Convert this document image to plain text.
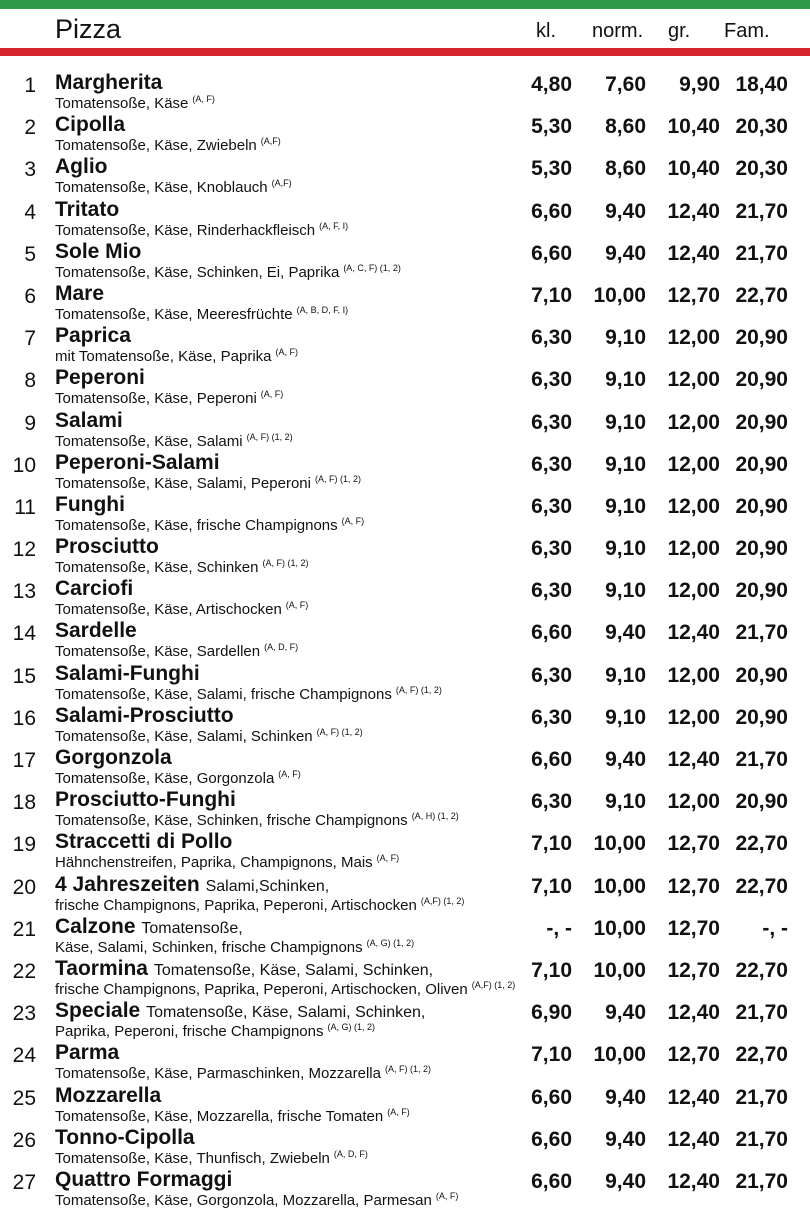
Pizza	kl. norm. gr. Fam.
1 Margherita
Tomatensoße, Käse $^{(A, F)}$
4,80	7,60	9,90 18,40
2 Cipolla
Tomatensoße, Käse, Zwiebeln $^{(A,F)}$
5,30	8,60	10,40 20,30
3 Aglio
Tomatensoße, Käse, Knoblauch $^{(A,F)}$
5,30	8,60	10,40 20,30
4 Tritato
Tomatensoße, Käse, Rinderhackfleisch $^{(A, F, I)}$
6,60	9,40	12,40 21,70
5 Sole Mio
Tomatensoße, Käse, Schinken, Ei, Paprika $^{(A, C, F) (1, 2)}$
6,60	9,40	12,40 21,70
6 Mare
Tomatensoße, Käse, Meeresfrüchte $^{(A, B, D, F, I)}$
7,10	10,00	12,70 22,70
7 Paprica
mit Tomatensoße, Käse, Paprika $^{(A, F)}$
6,30	9,10	12,00 20,90
8 Peperoni
Tomatensoße, Käse, Peperoni $^{(A, F)}$
6,30	9,10	12,00 20,90
9 Salami
Tomatensoße, Käse, Salami $^{(A, F) (1, 2)}$
6,30	9,10	12,00 20,90
10 Peperoni-Salami
Tomatensoße, Käse, Salami, Peperoni $^{(A, F) (1, 2)}$
6,30	9,10	12,00 20,90
11 Funghi
Tomatensoße, Käse, frische Champignons $^{(A, F)}$
6,30	9,10	12,00 20,90
12 Prosciutto
Tomatensoße, Käse, Schinken $^{(A, F) (1, 2)}$
6,30	9,10	12,00 20,90
13 Carciofi
Tomatensoße, Käse, Artischocken $^{(A, F)}$
6,30	9,10	12,00 20,90
14 Sardelle
Tomatensoße, Käse, Sardellen $^{(A, D, F)}$
6,60	9,40	12,40 21,70
15 Salami-Funghi
Tomatensoße, Käse, Salami, frische Champignons $^{(A, F) (1, 2)}$
6,30	9,10	12,00 20,90
16 Salami-Prosciutto
Tomatensoße, Käse, Salami, Schinken $^{(A, F) (1, 2)}$
6,30	9,10	12,00 20,90
17 Gorgonzola
Tomatensoße, Käse, Gorgonzola $^{(A, F)}$
6,60	9,40	12,40 21,70
18 Prosciutto-Funghi
Tomatensoße, Käse, Schinken, frische Champignons $^{(A, H) (1, 2)}$
6,30	9,10	12,00 20,90
19 Straccetti di Pollo
Hähnchenstreifen, Paprika, Champignons, Mais $^{(A, F)}$
7,10	10,00	12,70 22,70
20 4 Jahreszeiten Salami,Schinken,
frische Champignons, Paprika, Peperoni, Artischocken $^{(A,F) (1, 2)}$
7,10	10,00	12,70 22,70
21 Calzone Tomatensoße,
Käse, Salami, Schinken, frische Champignons $^{(A, G) (1, 2)}$
-, -	10,00	12,70	-, -
22 Taormina Tomatensoße, Käse, Salami, Schinken,
frische Champignons, Paprika, Peperoni, Artischocken, Oliven $^{(A,F) (1, 2)}$
7,10	10,00	12,70 22,70
23 Speciale Tomatensoße, Käse, Salami, Schinken,
Paprika, Peperoni, frische Champignons $^{(A, G) (1, 2)}$
6,90	9,40	12,40 21,70
24 Parma
Tomatensoße, Käse, Parmaschinken, Mozzarella $^{(A, F) (1, 2)}$
7,10	10,00	12,70 22,70
25 Mozzarella
Tomatensoße, Käse, Mozzarella, frische Tomaten $^{(A, F)}$
6,60	9,40	12,40 21,70
26 Tonno-Cipolla
Tomatensoße, Käse, Thunfisch, Zwiebeln $^{(A, D, F)}$
6,60	9,40	12,40 21,70
27 Quattro Formaggi
Tomatensoße, Käse, Gorgonzola, Mozzarella, Parmesan $^{(A, F)}$
6,60	9,40	12,40 21,70
